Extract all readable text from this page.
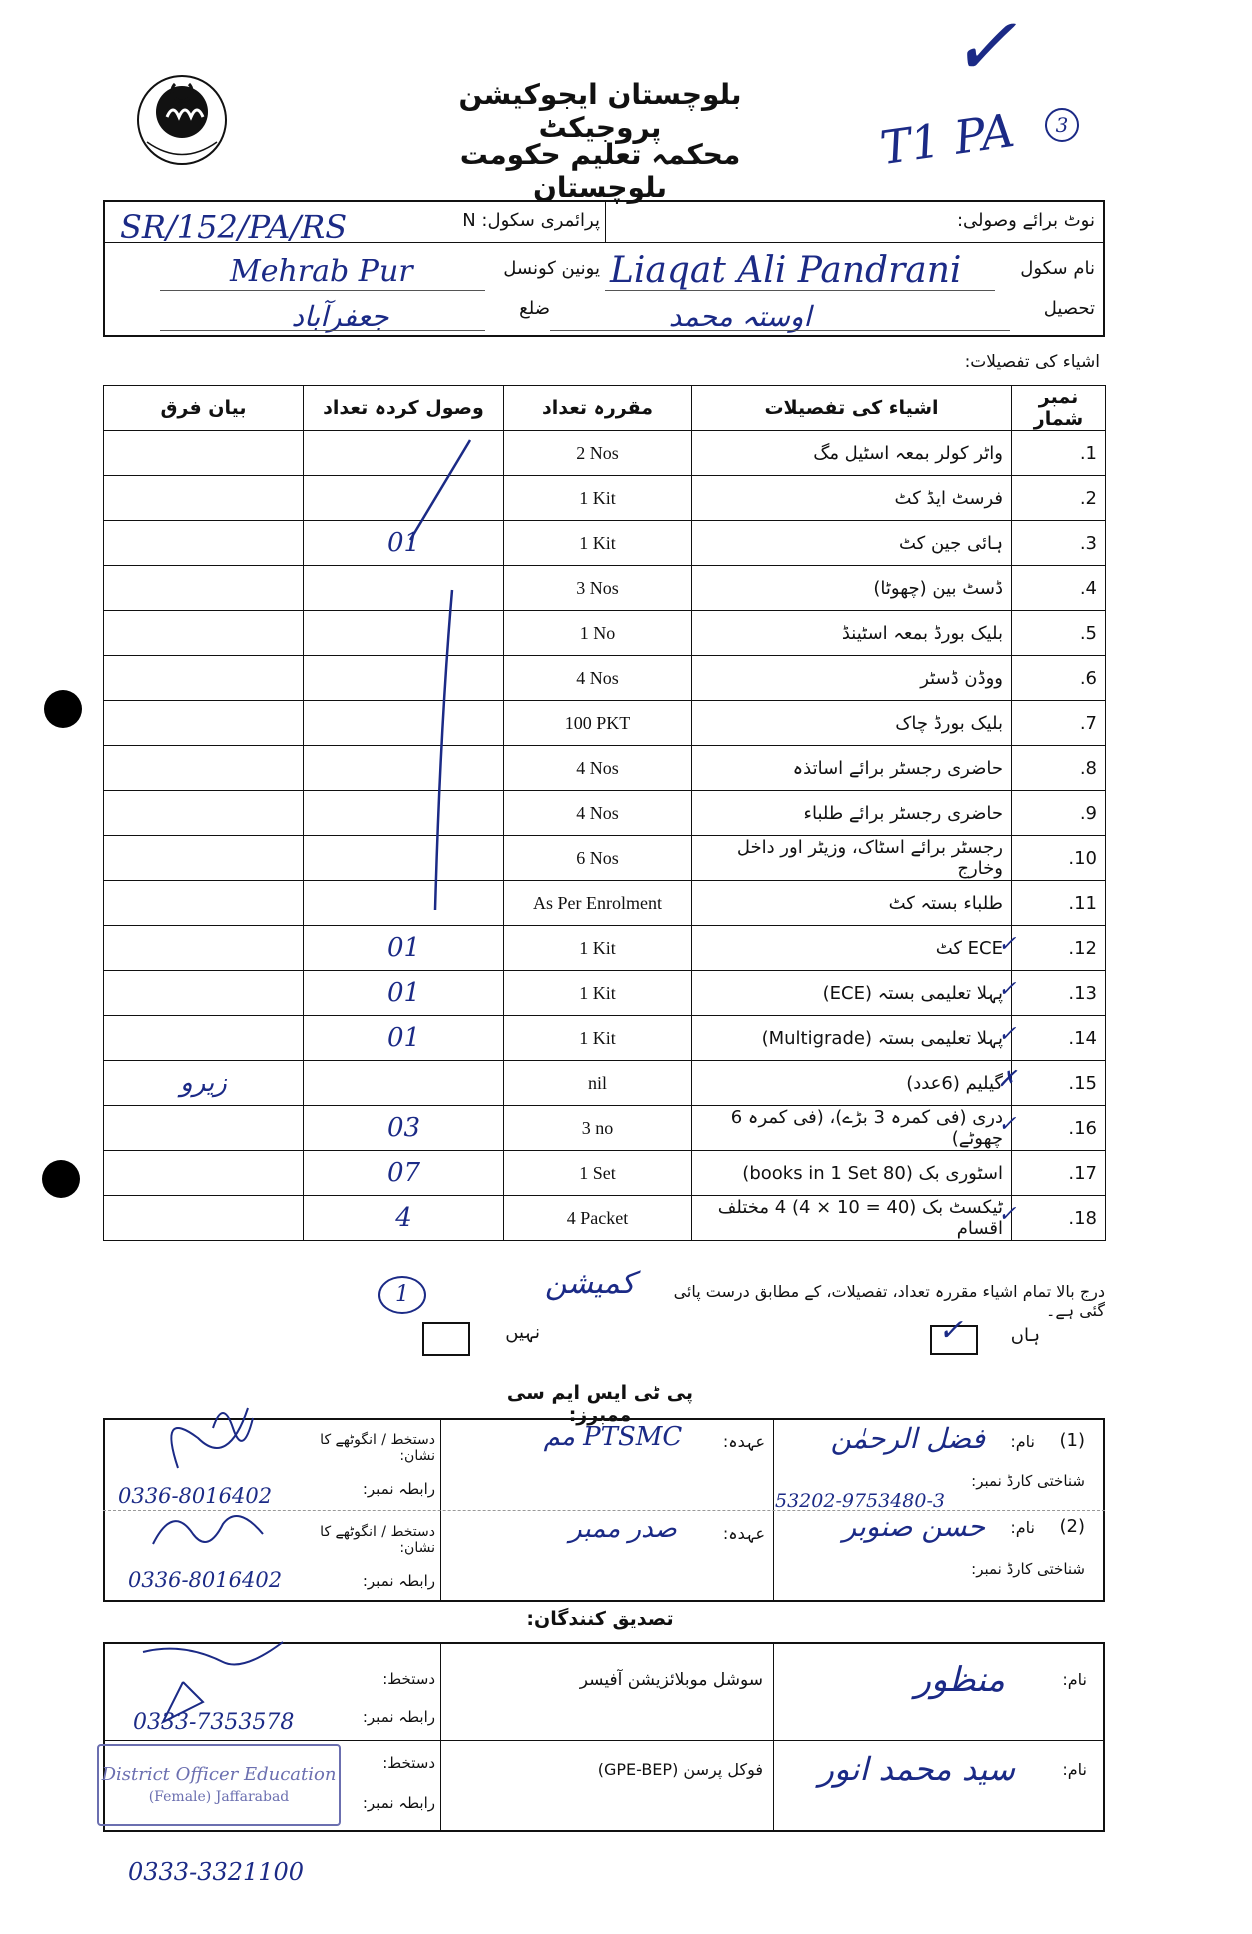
بلوچستان ایجوکیشن پروجیکٹ
محکمہ تعلیم حکومت بلوچستان
T1 PA
✓
3
نوٹ برائے وصولی:
پرائمری سکول: N
SR/152/PA/RS
نام سکول
Liaqat Ali Pandrani
یونین کونسل
Mehrab Pur
تحصیل
اوستہ محمد
ضلع
جعفرآباد
اشیاء کی تفصیلات:
بیان فرق	وصول کردہ تعداد	مقررہ تعداد	اشیاء کی تفصیلات	نمبر شمار
		2 Nos	واٹر کولر بمعہ اسٹیل مگ	1.
		1 Kit	فرسٹ ایڈ کٹ	2.
	01	1 Kit	ہائی جین کٹ	3.
		3 Nos	ڈسٹ بین (چھوٹا)	4.
		1 No	بلیک بورڈ بمعہ اسٹینڈ	5.
		4 Nos	ووڈن ڈسٹر	6.
		100 PKT	بلیک بورڈ چاک	7.
		4 Nos	حاضری رجسٹر برائے اساتذہ	8.
		4 Nos	حاضری رجسٹر برائے طلباء	9.
		6 Nos	رجسٹر برائے اسٹاک، وزیٹر اور داخل وخارج	10.
		As Per Enrolment	طلباء بستہ کٹ	11.
	01	1 Kit	ECE کٹ	12.
✓

	01	1 Kit	پہلا تعلیمی بستہ (ECE)	13.
✓

	01	1 Kit	پہلا تعلیمی بستہ (Multigrade)	14.
✓

زیرو		nil	گیلیم (6عدد)	15.
✗

	03	3 no	دری (فی کمرہ 3 بڑے)، (فی کمرہ 6 چھوٹے)	16.
✓

	07	1 Set	اسٹوری بک (80 books in 1 Set)	17.
	4	4 Packet	ٹیکسٹ بک (40 = 10 × 4) 4 مختلف اقسام	18.
✓
درج بالا تمام اشیاء مقررہ تعداد، تفصیلات، کے مطابق درست پائی گئی ہے۔
کمیشن
1
ہاں
✓
نہیں
پی ٹی ایس ایم سی ممبرز:
(1)
نام:
فضل الرحمٰن
شناختی کارڈ نمبر:
53202-9753480-3
عہدہ:
PTSMC مم
دستخط / انگوٹھے کا نشان:
رابطہ نمبر:
0336-8016402
(2)
نام:
حسن صنوبر
شناختی کارڈ نمبر:
عہدہ:
صدر ممبر
دستخط / انگوٹھے کا نشان:
رابطہ نمبر:
0336-8016402
تصدیق کنندگان:
نام:
منظور
سوشل موبلائزیشن آفیسر
دستخط:
رابطہ نمبر:
0333-7353578
نام:
سید محمد انور
فوکل پرسن (GPE-BEP)
دستخط:
District Officer Education
(Female) Jaffarabad	رابطہ نمبر:
0333-3321100
